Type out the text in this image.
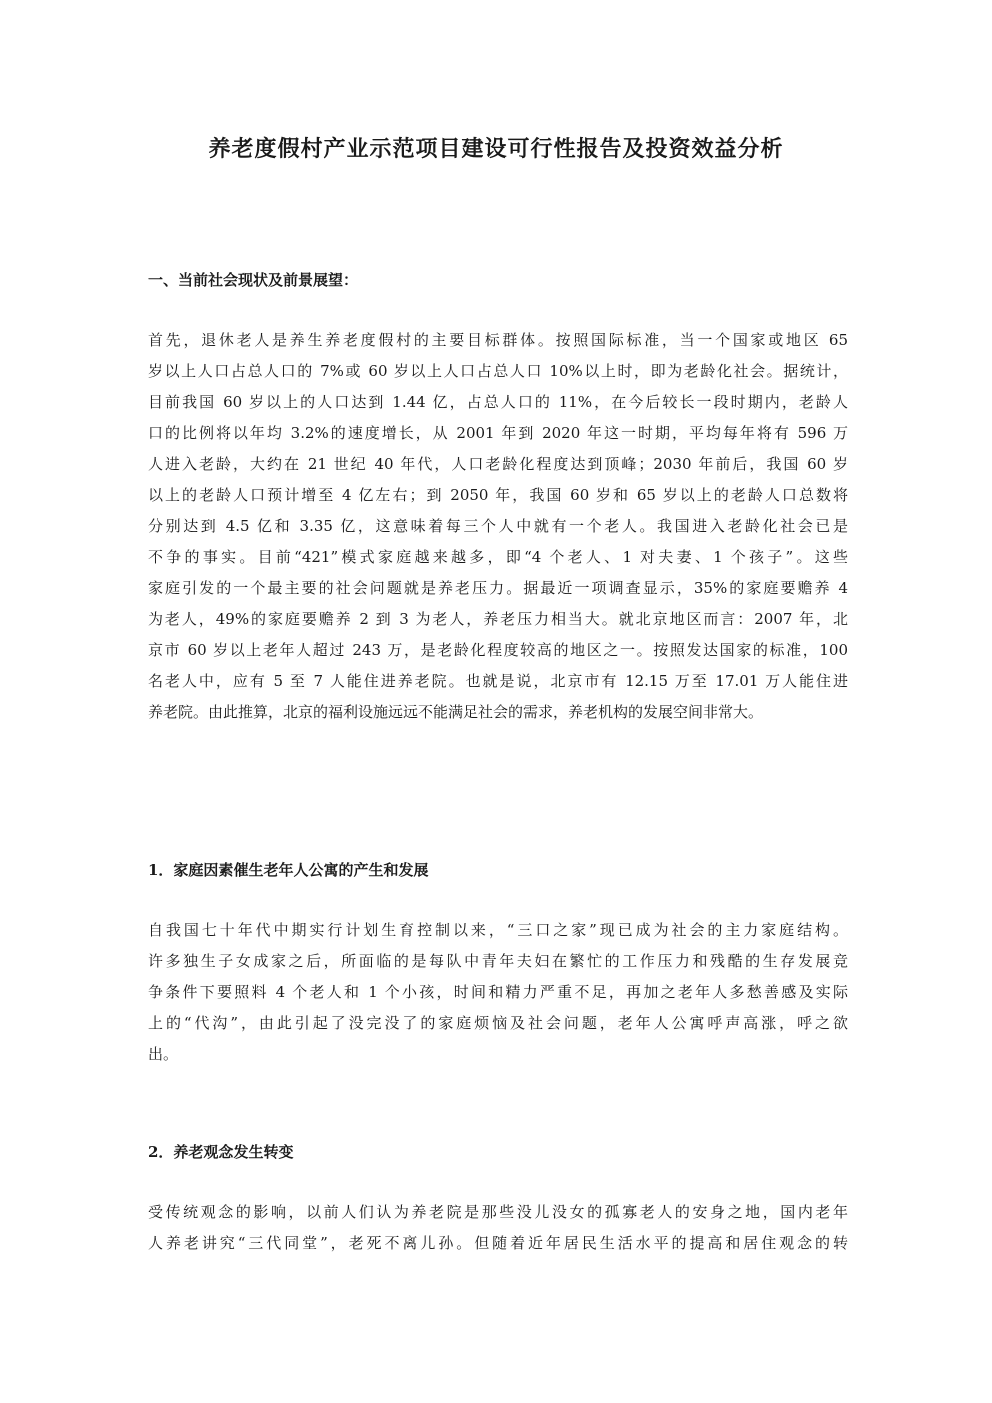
养老度假村产业示范项目建设可行性报告及投资效益分析
一、当前社会现状及前景展望：
首先，退休老人是养生养老度假村的主要目标群体。按照国际标准，当一个国家或地区 65
岁以上人口占总人口的 7%或 60 岁以上人口占总人口 10%以上时，即为老龄化社会。据统计，
目前我国 60 岁以上的人口达到 1.44 亿，占总人口的 11%，在今后较长一段时期内，老龄人
口的比例将以年均 3.2%的速度增长，从 2001 年到 2020 年这一时期，平均每年将有 596 万
人进入老龄，大约在 21 世纪 40 年代，人口老龄化程度达到顶峰；2030 年前后，我国 60 岁
以上的老龄人口预计增至 4 亿左右；到 2050 年，我国 60 岁和 65 岁以上的老龄人口总数将
分别达到 4.5 亿和 3.35 亿，这意味着每三个人中就有一个老人。我国进入老龄化社会已是
不争的事实。目前“421”模式家庭越来越多，即“4 个老人、1 对夫妻、1 个孩子”。这些
家庭引发的一个最主要的社会问题就是养老压力。据最近一项调查显示，35%的家庭要赡养 4
为老人，49%的家庭要赡养 2 到 3 为老人，养老压力相当大。就北京地区而言：2007 年，北
京市 60 岁以上老年人超过 243 万，是老龄化程度较高的地区之一。按照发达国家的标准，100
名老人中，应有 5 至 7 人能住进养老院。也就是说，北京市有 12.15 万至 17.01 万人能住进
养老院。由此推算，北京的福利设施远远不能满足社会的需求，养老机构的发展空间非常大。
1．家庭因素催生老年人公寓的产生和发展
自我国七十年代中期实行计划生育控制以来，“三口之家”现已成为社会的主力家庭结构。
许多独生子女成家之后，所面临的是每队中青年夫妇在繁忙的工作压力和残酷的生存发展竞
争条件下要照料 4 个老人和 1 个小孩，时间和精力严重不足，再加之老年人多愁善感及实际
上的“代沟”，由此引起了没完没了的家庭烦恼及社会问题，老年人公寓呼声高涨，呼之欲
出。
2．养老观念发生转变
受传统观念的影响，以前人们认为养老院是那些没儿没女的孤寡老人的安身之地，国内老年
人养老讲究“三代同堂”，老死不离儿孙。但随着近年居民生活水平的提高和居住观念的转
